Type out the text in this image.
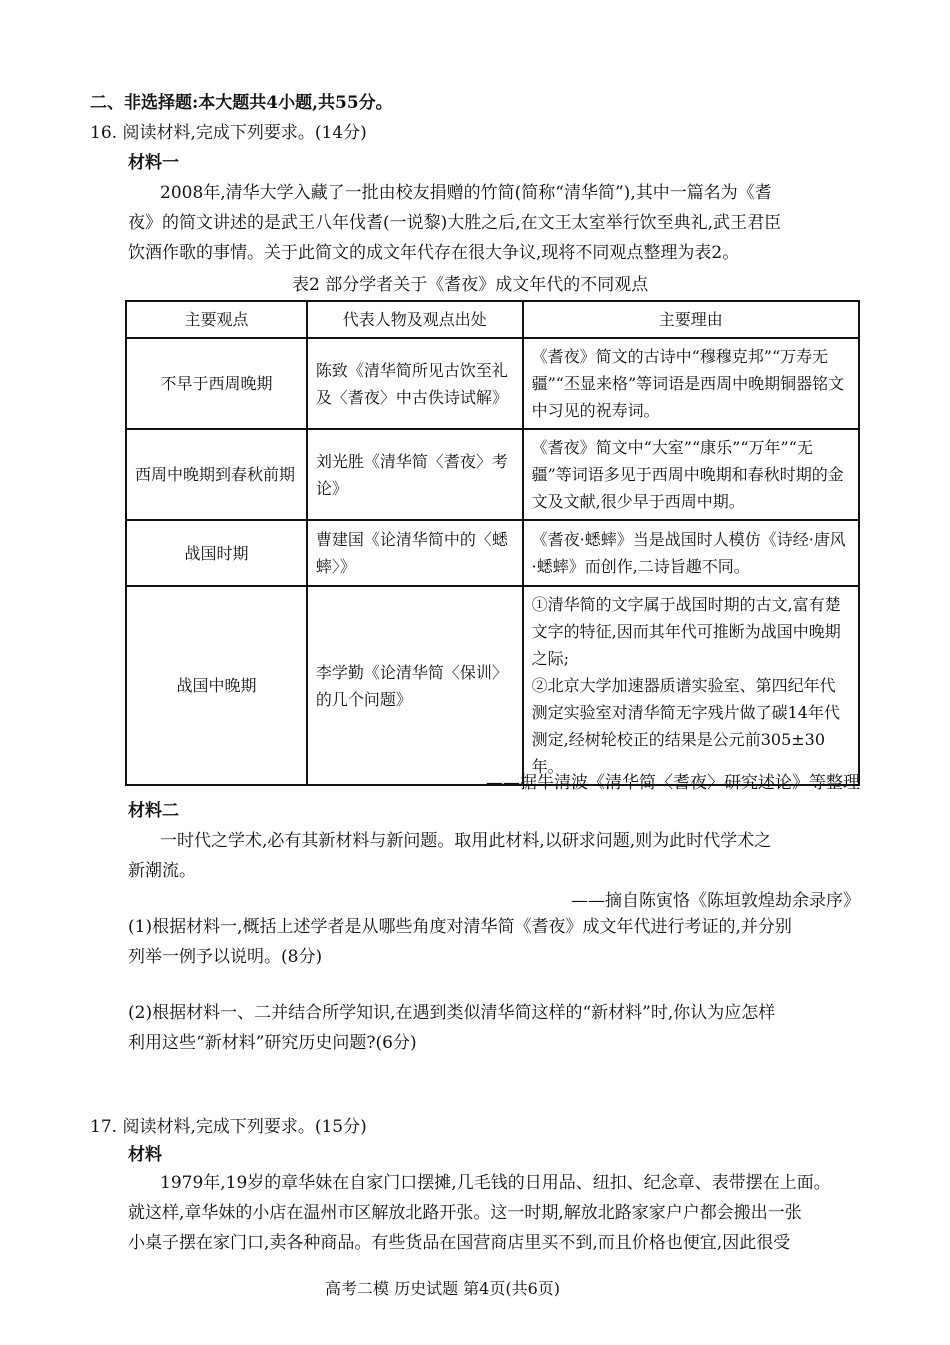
二、非选择题:本大题共4小题,共55分。
16. 阅读材料,完成下列要求。(14分)
材料一
2008年,清华大学入藏了一批由校友捐赠的竹简(简称“清华简”),其中一篇名为《耆
夜》的简文讲述的是武王八年伐耆(一说黎)大胜之后,在文王太室举行饮至典礼,武王君臣
饮酒作歌的事情。关于此简文的成文年代存在很大争议,现将不同观点整理为表2。
表2 部分学者关于《耆夜》成文年代的不同观点
主要观点	代表人物及观点出处	主要理由
不早于西周晚期	陈致《清华简所见古饮至礼及〈耆夜〉中古佚诗试解》	《耆夜》简文的古诗中“穆穆克邦”“万寿无疆”“丕显来格”等词语是西周中晚期铜器铭文中习见的祝寿词。
西周中晚期到春秋前期	刘光胜《清华简〈耆夜〉考论》	《耆夜》简文中“大室”“康乐”“万年”“无疆”等词语多见于西周中晚期和春秋时期的金文及文献,很少早于西周中期。
战国时期	曹建国《论清华简中的〈蟋蟀〉》	《耆夜·蟋蟀》当是战国时人模仿《诗经·唐风·蟋蟀》而创作,二诗旨趣不同。
战国中晚期	李学勤《论清华简〈保训〉的几个问题》	①清华简的文字属于战国时期的古文,富有楚文字的特征,因而其年代可推断为战国中晚期之际;
②北京大学加速器质谱实验室、第四纪年代测定实验室对清华简无字残片做了碳14年代测定,经树轮校正的结果是公元前305±30年。
——据牛清波《清华简〈耆夜〉研究述论》等整理
材料二
一时代之学术,必有其新材料与新问题。取用此材料,以研求问题,则为此时代学术之
新潮流。
——摘自陈寅恪《陈垣敦煌劫余录序》
(1)根据材料一,概括上述学者是从哪些角度对清华简《耆夜》成文年代进行考证的,并分别
列举一例予以说明。(8分)
(2)根据材料一、二并结合所学知识,在遇到类似清华简这样的“新材料”时,你认为应怎样
利用这些“新材料”研究历史问题?(6分)
17. 阅读材料,完成下列要求。(15分)
材料
1979年,19岁的章华妹在自家门口摆摊,几毛钱的日用品、纽扣、纪念章、表带摆在上面。
就这样,章华妹的小店在温州市区解放北路开张。这一时期,解放北路家家户户都会搬出一张
小桌子摆在家门口,卖各种商品。有些货品在国营商店里买不到,而且价格也便宜,因此很受
高考二模 历史试题 第4页(共6页)
